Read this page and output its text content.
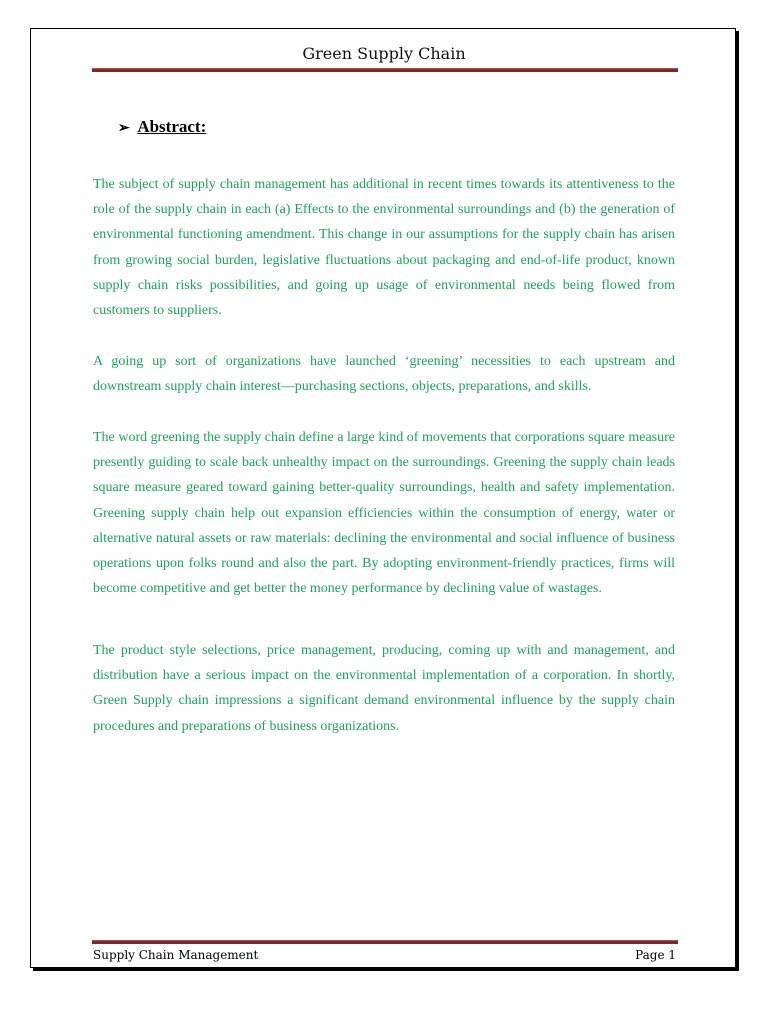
Green Supply Chain
➢ Abstract:

The subject of supply chain management has additional in recent times towards its attentiveness to the role of the supply chain in each (a) Effects to the environmental surroundings and (b) the generation of environmental functioning amendment. This change in our assumptions for the supply chain has arisen from growing social burden, legislative fluctuations about packaging and end-of-life product, known supply chain risks possibilities, and going up usage of environmental needs being flowed from customers to suppliers.

A going up sort of organizations have launched ‘greening’ necessities to each upstream and downstream supply chain interest—purchasing sections, objects, preparations, and skills.

The word greening the supply chain define a large kind of movements that corporations square measure presently guiding to scale back unhealthy impact on the surroundings. Greening the supply chain leads square measure geared toward gaining better-quality surroundings, health and safety implementation. Greening supply chain help out expansion efficiencies within the consumption of energy, water or alternative natural assets or raw materials: declining the environmental and social influence of business operations upon folks round and also the part. By adopting environment-friendly practices, firms will become competitive and get better the money performance by declining value of wastages.

The product style selections, price management, producing, coming up with and management, and distribution have a serious impact on the environmental implementation of a corporation. In shortly, Green Supply chain impressions a significant demand environmental influence by the supply chain procedures and preparations of business organizations.

Supply Chain Management	Page 1
